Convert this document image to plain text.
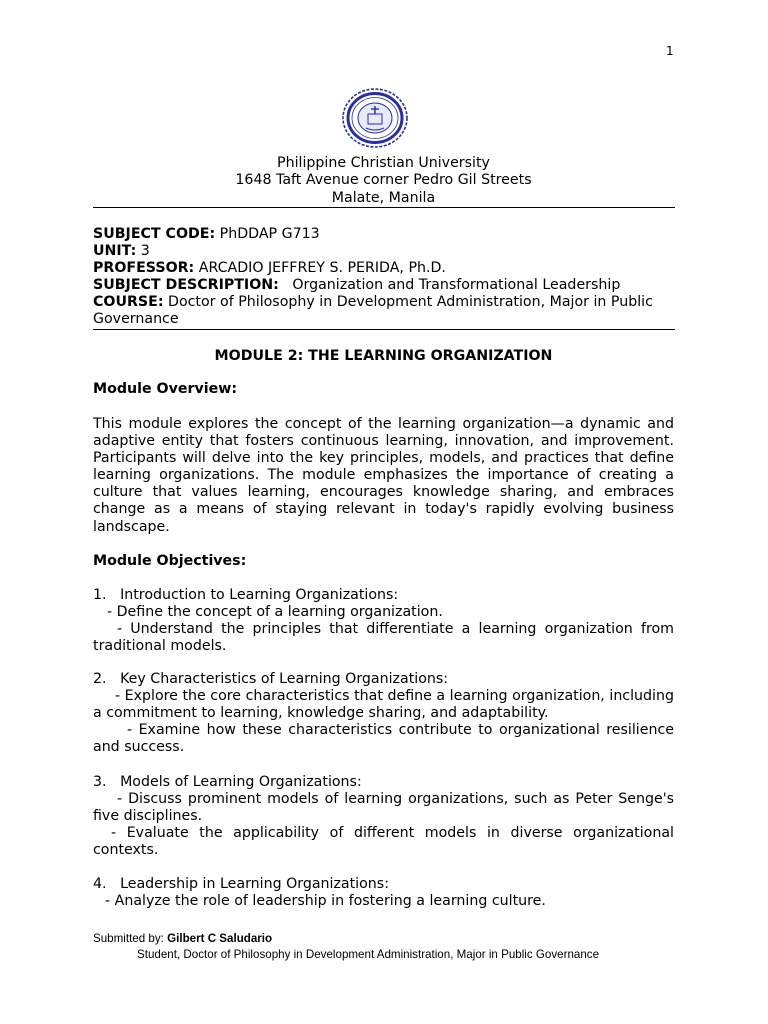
1
Philippine Christian University
1648 Taft Avenue corner Pedro Gil Streets
Malate, Manila
SUBJECT CODE: PhDDAP G713
UNIT: 3
PROFESSOR: ARCADIO JEFFREY S. PERIDA, Ph.D.
SUBJECT DESCRIPTION:   Organization and Transformational Leadership
COURSE: Doctor of Philosophy in Development Administration, Major in Public Governance
MODULE 2: THE LEARNING ORGANIZATION
Module Overview:
This module explores the concept of the learning organization—a dynamic and adaptive entity that fosters continuous learning, innovation, and improvement. Participants will delve into the key principles, models, and practices that define learning organizations. The module emphasizes the importance of creating a culture that values learning, encourages knowledge sharing, and embraces change as a means of staying relevant in today's rapidly evolving business landscape.
Module Objectives:
1.   Introduction to Learning Organizations:
- Define the concept of a learning organization.
- Understand the principles that differentiate a learning organization from traditional models.
2.   Key Characteristics of Learning Organizations:
- Explore the core characteristics that define a learning organization, including a commitment to learning, knowledge sharing, and adaptability.
- Examine how these characteristics contribute to organizational resilience and success.
3.   Models of Learning Organizations:
- Discuss prominent models of learning organizations, such as Peter Senge's five disciplines.
- Evaluate the applicability of different models in diverse organizational contexts.
4.   Leadership in Learning Organizations:
- Analyze the role of leadership in fostering a learning culture.
Submitted by: Gilbert C Saludario
Student, Doctor of Philosophy in Development Administration, Major in Public Governance
